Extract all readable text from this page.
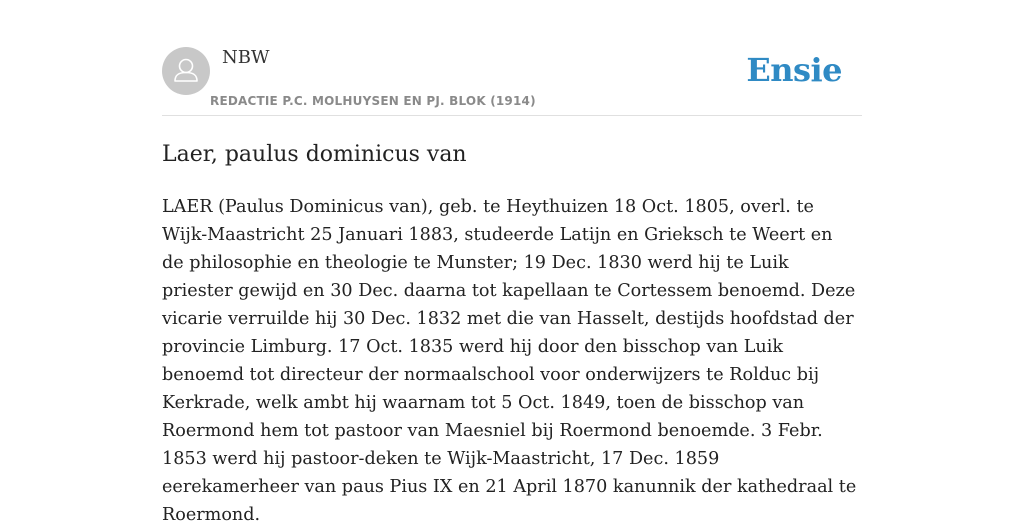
NBW
REDACTIE P.C. MOLHUYSEN EN PJ. BLOK (1914)
Ensie
Laer, paulus dominicus van

LAER (Paulus Dominicus van), geb. te Heythuizen 18 Oct. 1805, overl. te Wijk-Maastricht 25 Januari 1883, studeerde Latijn en Grieksch te Weert en de philosophie en theologie te Munster; 19 Dec. 1830 werd hij te Luik priester gewijd en 30 Dec. daarna tot kapellaan te Cortessem benoemd. Deze vicarie verruilde hij 30 Dec. 1832 met die van Hasselt, destijds hoofdstad der provincie Limburg. 17 Oct. 1835 werd hij door den bisschop van Luik benoemd tot directeur der normaalschool voor onderwijzers te Rolduc bij Kerkrade, welk ambt hij waarnam tot 5 Oct. 1849, toen de bisschop van Roermond hem tot pastoor van Maesniel bij Roermond benoemde. 3 Febr. 1853 werd hij pastoor-deken te Wijk-Maastricht, 17 Dec. 1859 eerekamerheer van paus Pius IX en 21 April 1870 kanunnik der kathedraal te Roermond.
